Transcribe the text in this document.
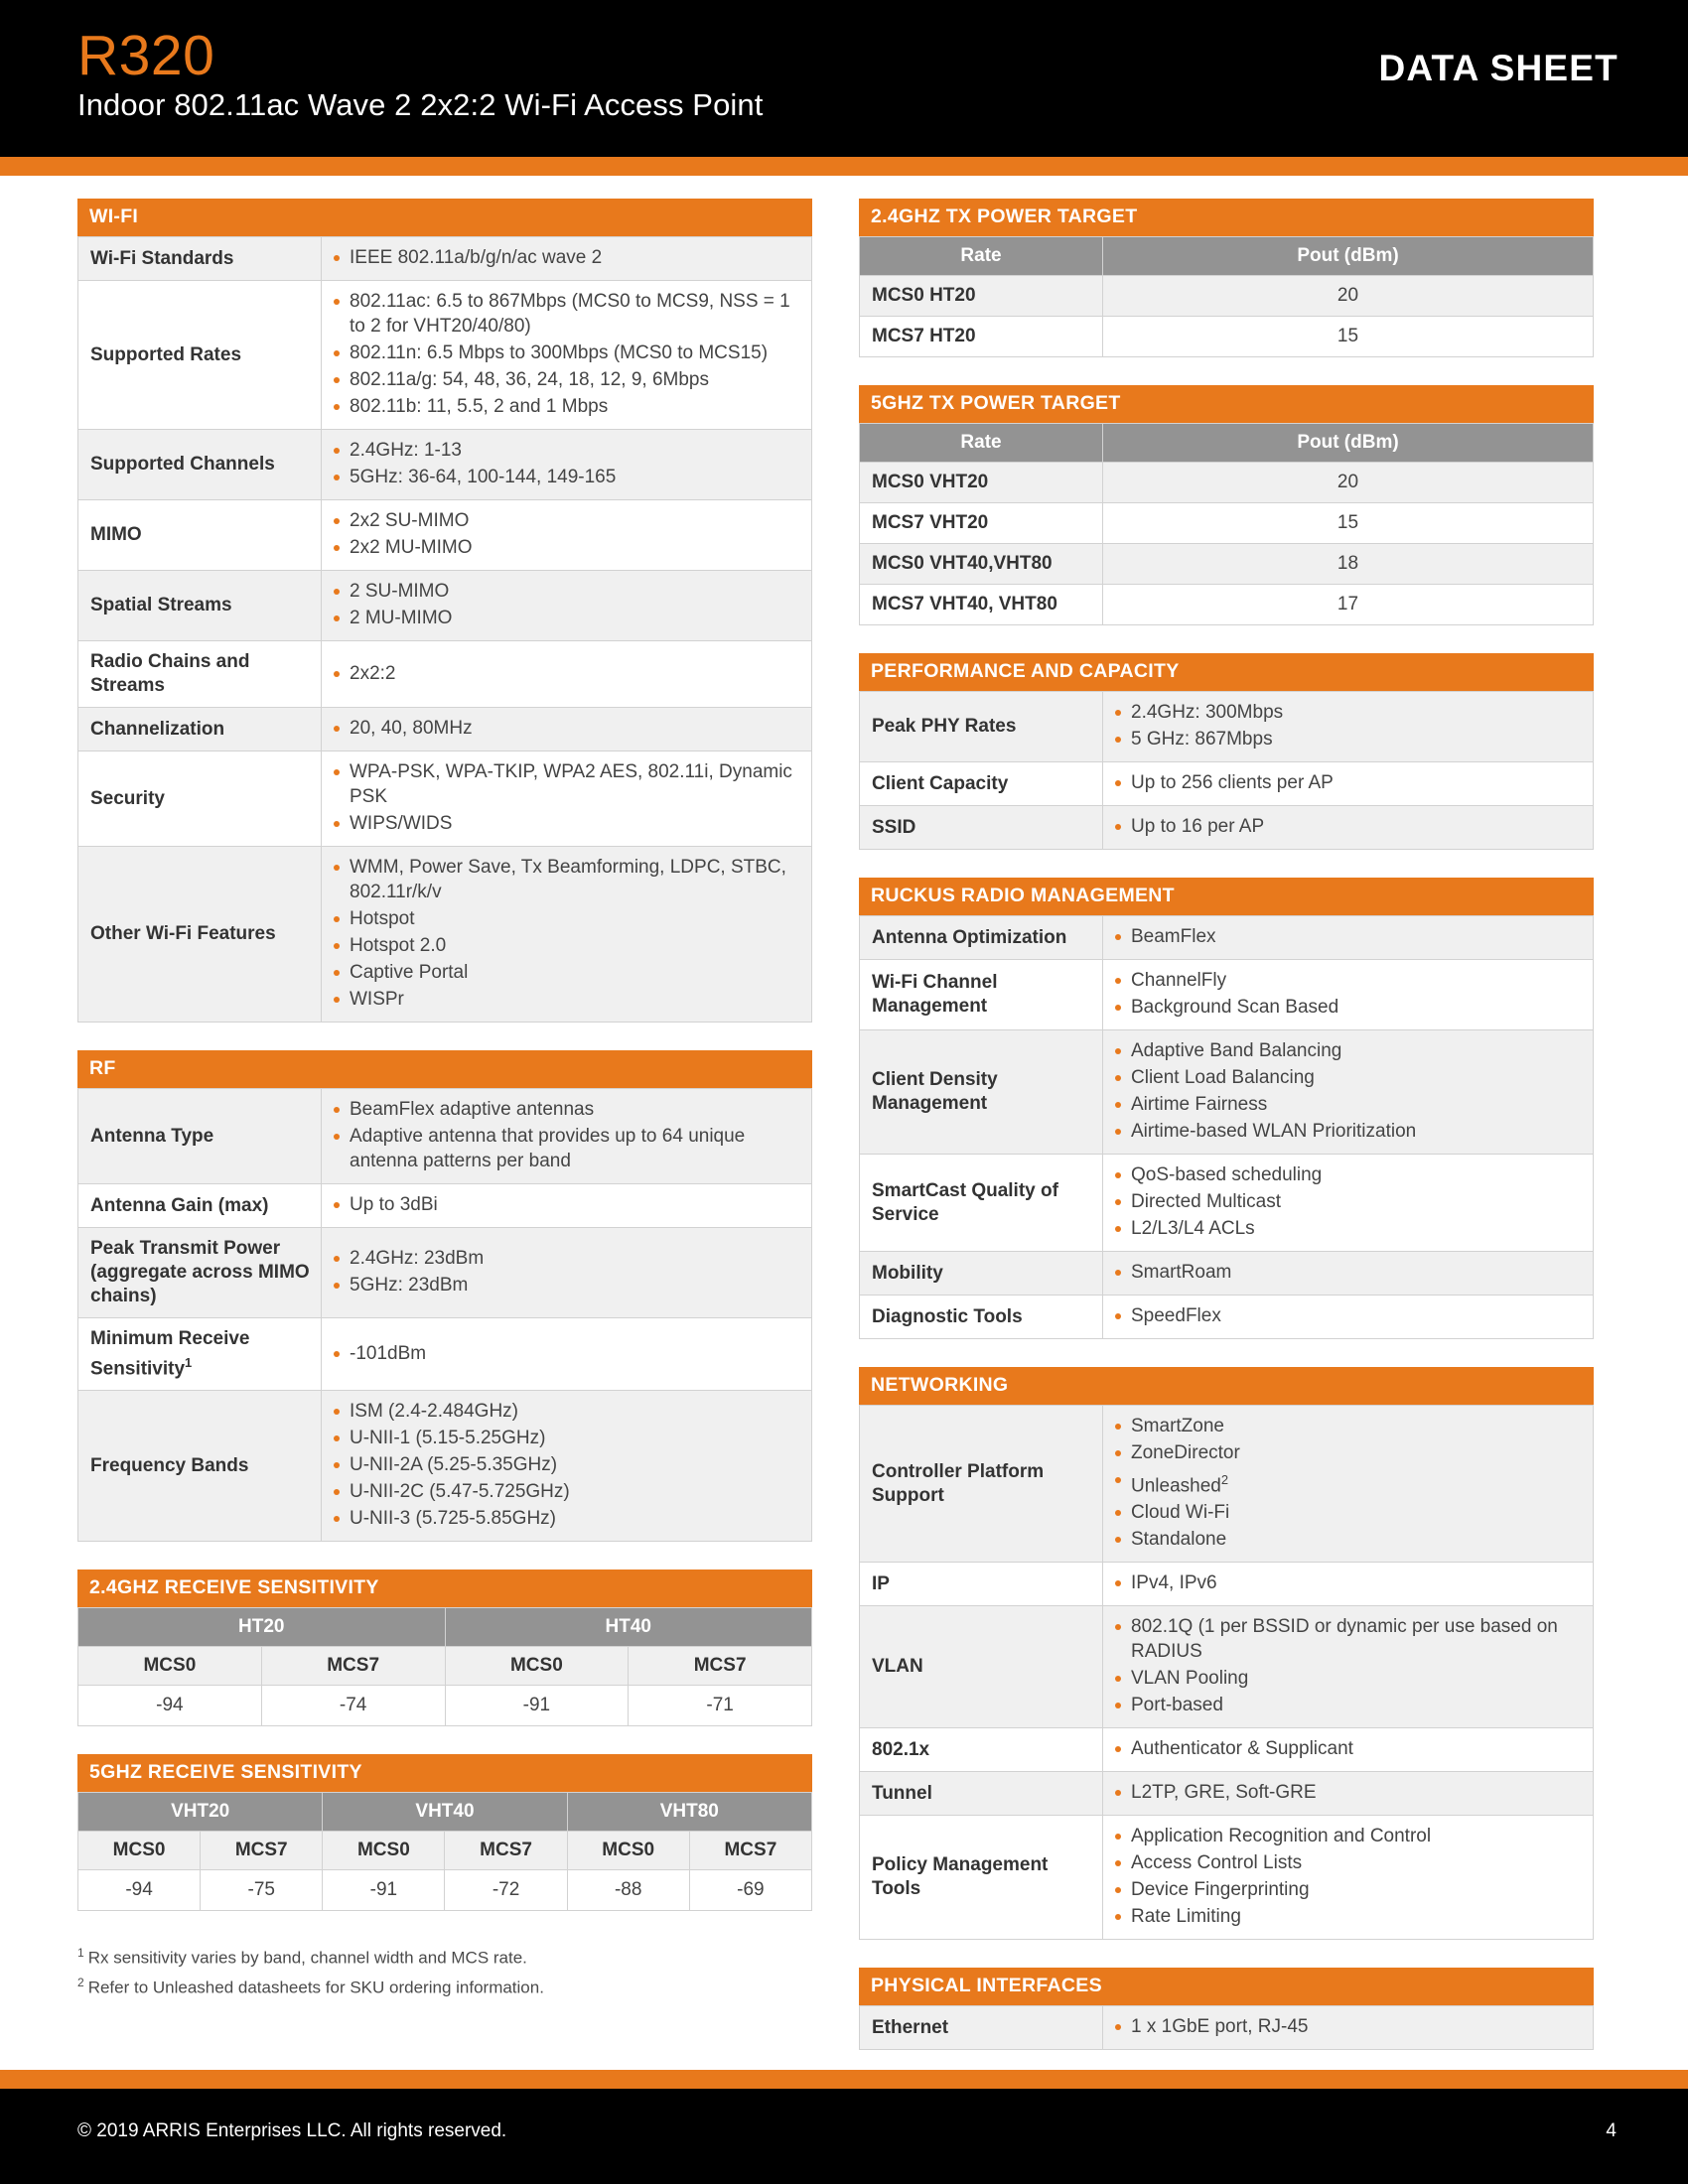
R320
Indoor 802.11ac Wave 2 2x2:2 Wi-Fi Access Point
DATA SHEET
WI-FI
Wi-Fi Standards	IEEE 802.11a/b/g/n/ac wave 2

Supported Rates	
802.11ac: 6.5 to 867Mbps (MCS0 to MCS9, NSS = 1 to 2 for VHT20/40/80)
802.11n: 6.5 Mbps to 300Mbps (MCS0 to MCS15)
802.11a/g: 54, 48, 36, 24, 18, 12, 9, 6Mbps
802.11b: 11, 5.5, 2 and 1 Mbps

Supported Channels	
2.4GHz: 1-13
5GHz: 36-64, 100-144, 149-165

MIMO	
2x2 SU-MIMO
2x2 MU-MIMO

Spatial Streams	
2 SU-MIMO
2 MU-MIMO

Radio Chains and Streams	
2x2:2

Channelization	20, 40, 80MHz

Security	
WPA-PSK, WPA-TKIP, WPA2 AES, 802.11i, Dynamic PSK
WIPS/WIDS

Other Wi-Fi Features	
WMM, Power Save, Tx Beamforming, LDPC, STBC, 802.11r/k/v
Hotspot
Hotspot 2.0
Captive Portal
WISPr
RF
Antenna Type	
BeamFlex adaptive antennas
Adaptive antenna that provides up to 64 unique antenna patterns per band

Antenna Gain (max)	Up to 3dBi

Peak Transmit Power (aggregate across MIMO chains)	
2.4GHz: 23dBm
5GHz: 23dBm

Minimum Receive Sensitivity$^1$	-101dBm

Frequency Bands	
ISM (2.4-2.484GHz)
U-NII-1 (5.15-5.25GHz)
U-NII-2A (5.25-5.35GHz)
U-NII-2C (5.47-5.725GHz)
U-NII-3 (5.725-5.85GHz)
2.4GHZ RECEIVE SENSITIVITY
HT20		HT40	
MCS0	MCS7	MCS0	MCS7
-94	-74	-91	-71
5GHZ RECEIVE SENSITIVITY
VHT20		VHT40		VHT80	
MCS0	MCS7	MCS0	MCS7	MCS0	MCS7
-94	-75	-91	-72	-88	-69
2.4GHZ TX POWER TARGET
Rate	Pout (dBm)
MCS0 HT20	20
MCS7 HT20	15
5GHZ TX POWER TARGET
Rate	Pout (dBm)
MCS0 VHT20	20
MCS7 VHT20	15
MCS0 VHT40,VHT80	18
MCS7 VHT40, VHT80	17
PERFORMANCE AND CAPACITY
Peak PHY Rates	
2.4GHz: 300Mbps
5 GHz: 867Mbps

Client Capacity	Up to 256 clients per AP

SSID	Up to 16 per AP
RUCKUS RADIO MANAGEMENT
Antenna Optimization	BeamFlex

Wi-Fi Channel Management	
ChannelFly
Background Scan Based

Client Density Management	
Adaptive Band Balancing
Client Load Balancing
Airtime Fairness
Airtime-based WLAN Prioritization

SmartCast Quality of Service	
QoS-based scheduling
Directed Multicast
L2/L3/L4 ACLs

Mobility	SmartRoam

Diagnostic Tools	SpeedFlex
NETWORKING
Controller Platform Support	
SmartZone
ZoneDirector
Unleashed$^2$
Cloud Wi-Fi
Standalone

IP	IPv4, IPv6

VLAN	
802.1Q (1 per BSSID or dynamic per use based on RADIUS
VLAN Pooling
Port-based

802.1x	Authenticator & Supplicant

Tunnel	L2TP, GRE, Soft-GRE

Policy Management Tools	
Application Recognition and Control
Access Control Lists
Device Fingerprinting
Rate Limiting
PHYSICAL INTERFACES
Ethernet	1 x 1GbE port, RJ-45
$^1$ Rx sensitivity varies by band, channel width and MCS rate.
$^2$ Refer to Unleashed datasheets for SKU ordering information.
© 2019 ARRIS Enterprises LLC. All rights reserved.	4
